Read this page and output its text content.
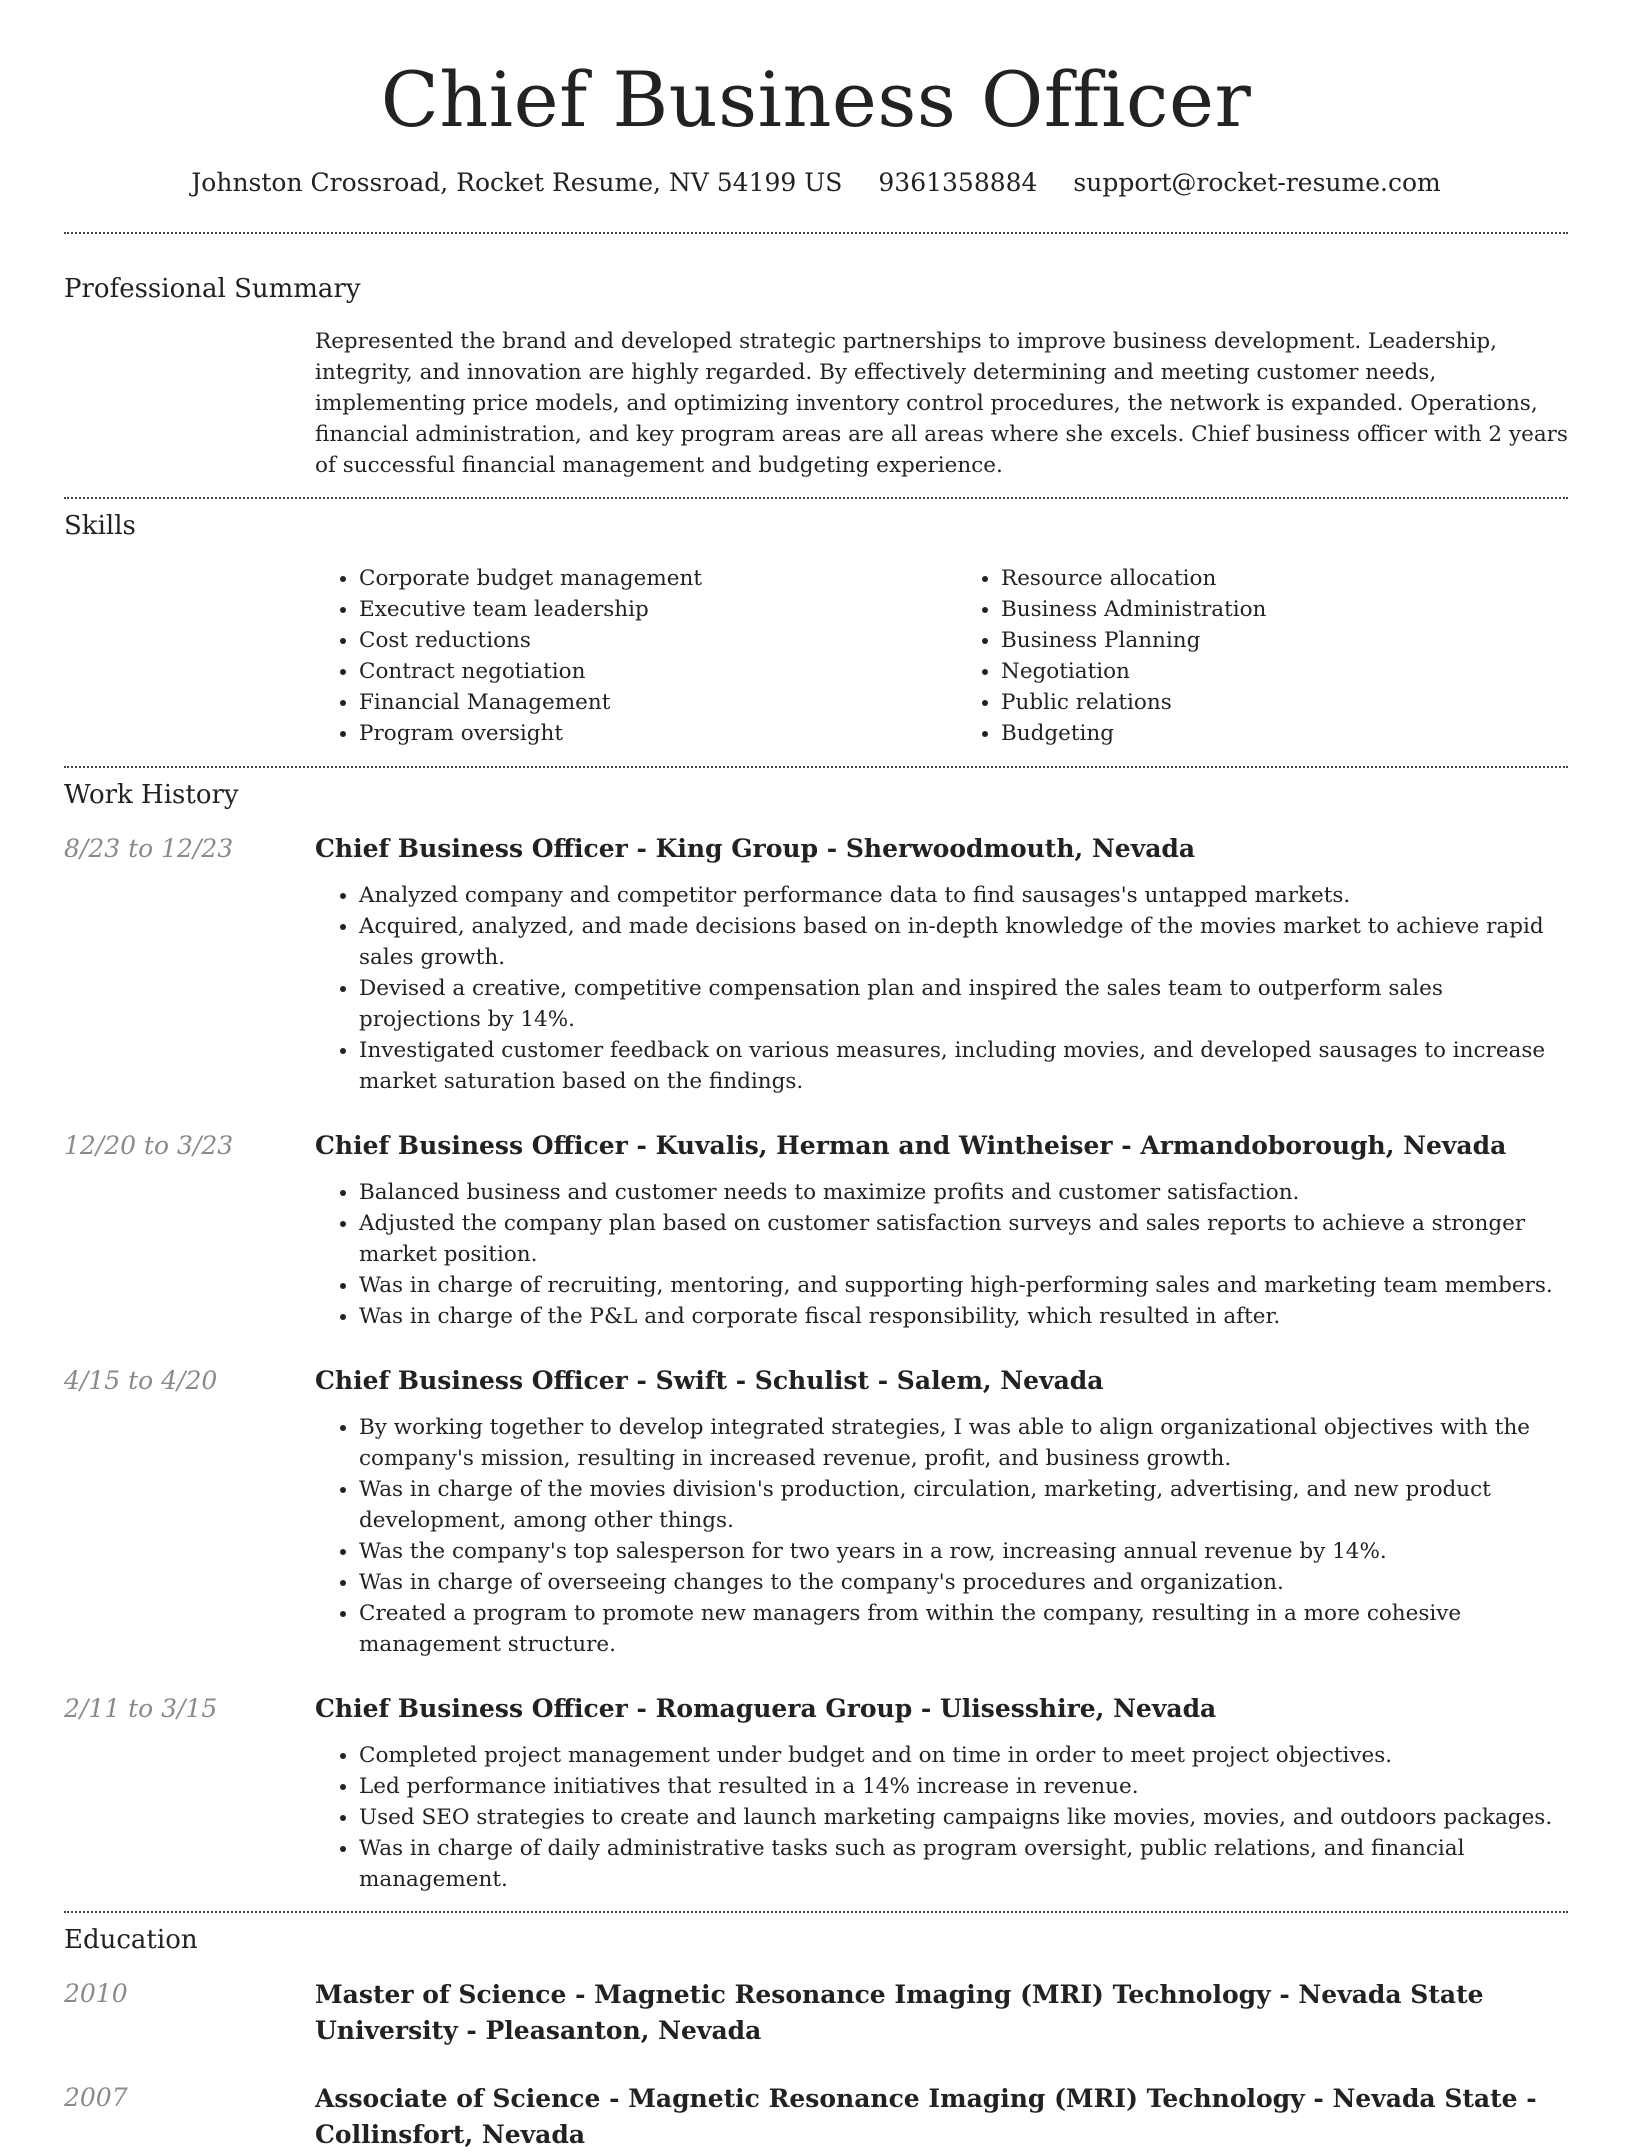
Chief Business Officer
Johnston Crossroad, Rocket Resume, NV 54199 US 9361358884 support@rocket-resume.com
Professional Summary

Represented the brand and developed strategic partnerships to improve business development. Leadership, integrity, and innovation are highly regarded. By effectively determining and meeting customer needs, implementing price models, and optimizing inventory control procedures, the network is expanded. Operations, financial administration, and key program areas are all areas where she excels. Chief business officer with 2 years of successful financial management and budgeting experience.

Skills
• Corporate budget management
• Executive team leadership
• Cost reductions
• Contract negotiation
• Financial Management
• Program oversight
• Resource allocation
• Business Administration
• Business Planning
• Negotiation
• Public relations
• Budgeting
Work History
8/23 to 12/23	Chief Business Officer - King Group - Sherwoodmouth, Nevada
• Analyzed company and competitor performance data to find sausages's untapped markets.
• Acquired, analyzed, and made decisions based on in-depth knowledge of the movies market to achieve rapid sales growth.
• Devised a creative, competitive compensation plan and inspired the sales team to outperform sales projections by 14%.
• Investigated customer feedback on various measures, including movies, and developed sausages to increase market saturation based on the findings.
12/20 to 3/23	Chief Business Officer - Kuvalis, Herman and Wintheiser - Armandoborough, Nevada
• Balanced business and customer needs to maximize profits and customer satisfaction.
• Adjusted the company plan based on customer satisfaction surveys and sales reports to achieve a stronger market position.
• Was in charge of recruiting, mentoring, and supporting high-performing sales and marketing team members.
• Was in charge of the P&L and corporate fiscal responsibility, which resulted in after.
4/15 to 4/20	Chief Business Officer - Swift - Schulist - Salem, Nevada
• By working together to develop integrated strategies, I was able to align organizational objectives with the company's mission, resulting in increased revenue, profit, and business growth.
• Was in charge of the movies division's production, circulation, marketing, advertising, and new product development, among other things.
• Was the company's top salesperson for two years in a row, increasing annual revenue by 14%.
• Was in charge of overseeing changes to the company's procedures and organization.
• Created a program to promote new managers from within the company, resulting in a more cohesive management structure.
2/11 to 3/15	Chief Business Officer - Romaguera Group - Ulisesshire, Nevada
• Completed project management under budget and on time in order to meet project objectives.
• Led performance initiatives that resulted in a 14% increase in revenue.
• Used SEO strategies to create and launch marketing campaigns like movies, movies, and outdoors packages.
• Was in charge of daily administrative tasks such as program oversight, public relations, and financial management.
Education
2010	Master of Science - Magnetic Resonance Imaging (MRI) Technology - Nevada State University - Pleasanton, Nevada
2007	Associate of Science - Magnetic Resonance Imaging (MRI) Technology - Nevada State - Collinsfort, Nevada
